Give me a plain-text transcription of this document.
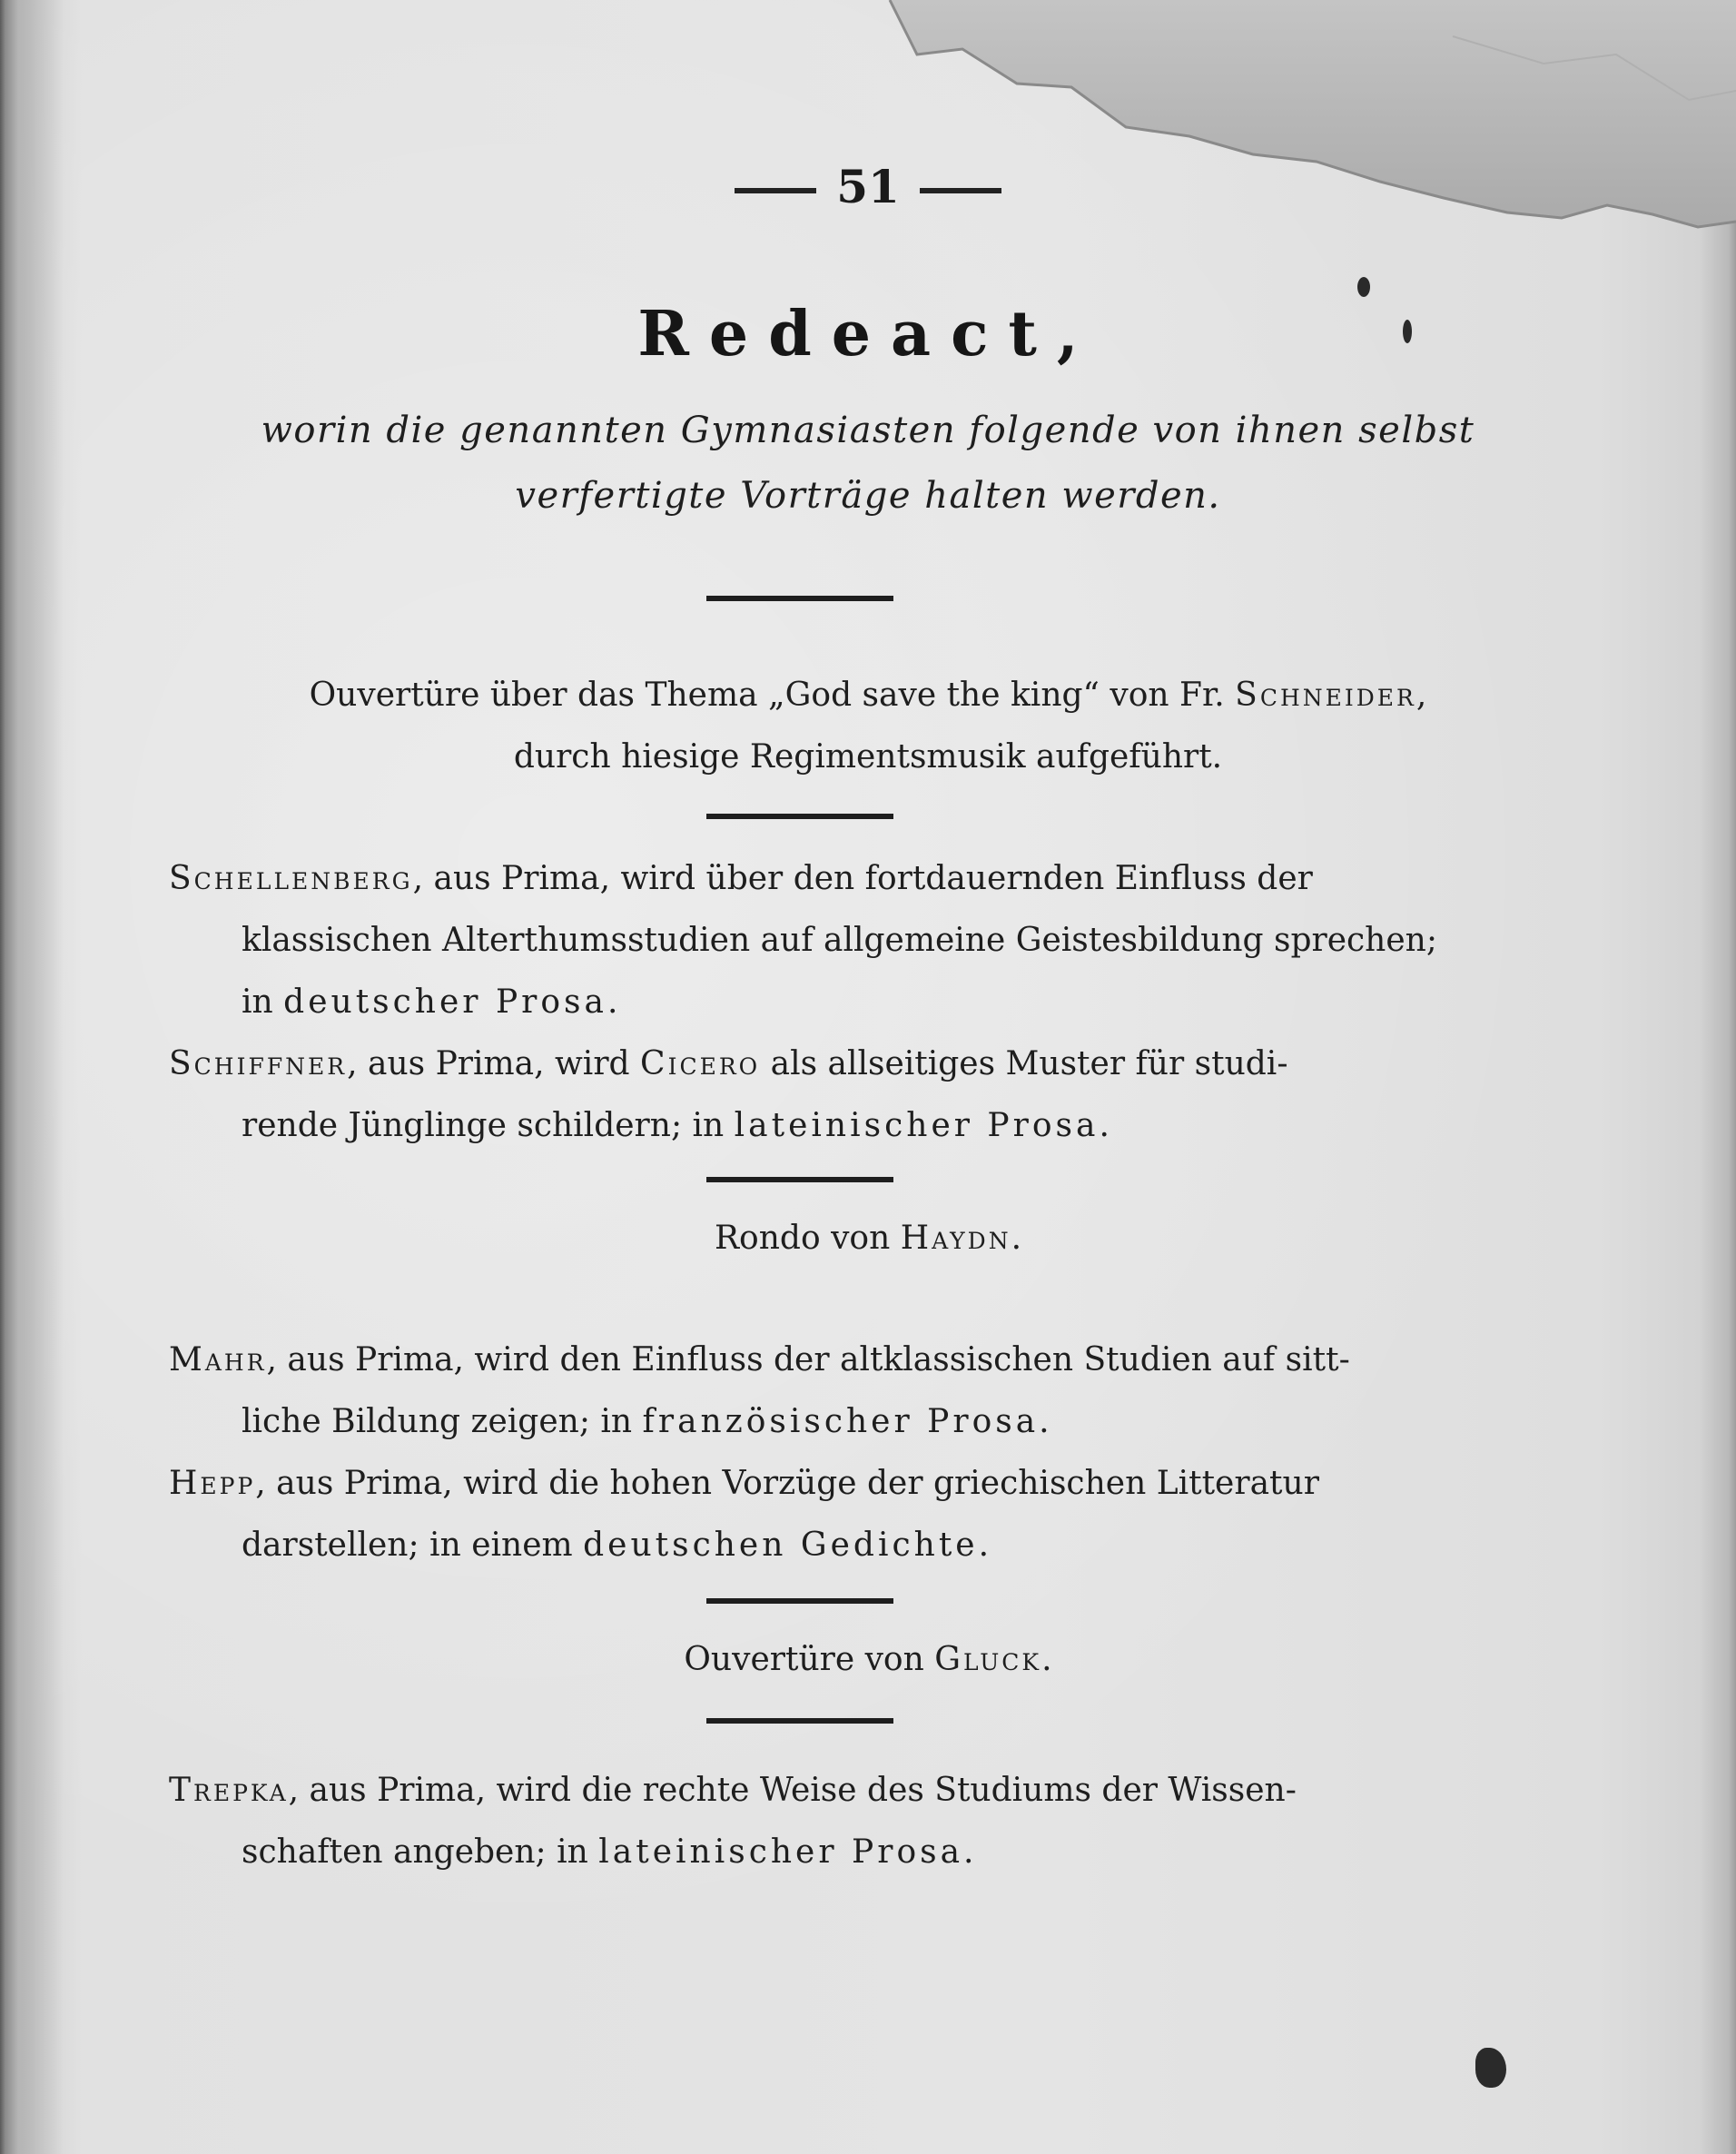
51
Redeact,
worin die genannten Gymnasiasten folgende von ihnen selbst
verfertigte Vorträge halten werden.
Ouvertüre über das Thema „God save the king“ von Fr. Schneider,
durch hiesige Regimentsmusik aufgeführt.
Schellenberg, aus Prima, wird über den fortdauernden Einfluss der
klassischen Alterthumsstudien auf allgemeine Geistesbildung sprechen;
in deutscher Prosa.
Schiffner, aus Prima, wird Cicero als allseitiges Muster für studi-
rende Jünglinge schildern; in lateinischer Prosa.
Rondo von Haydn.
Mahr, aus Prima, wird den Einfluss der altklassischen Studien auf sitt-
liche Bildung zeigen; in französischer Prosa.
Hepp, aus Prima, wird die hohen Vorzüge der griechischen Litteratur
darstellen; in einem deutschen Gedichte.
Ouvertüre von Gluck.
Trepka, aus Prima, wird die rechte Weise des Studiums der Wissen-
schaften angeben; in lateinischer Prosa.
